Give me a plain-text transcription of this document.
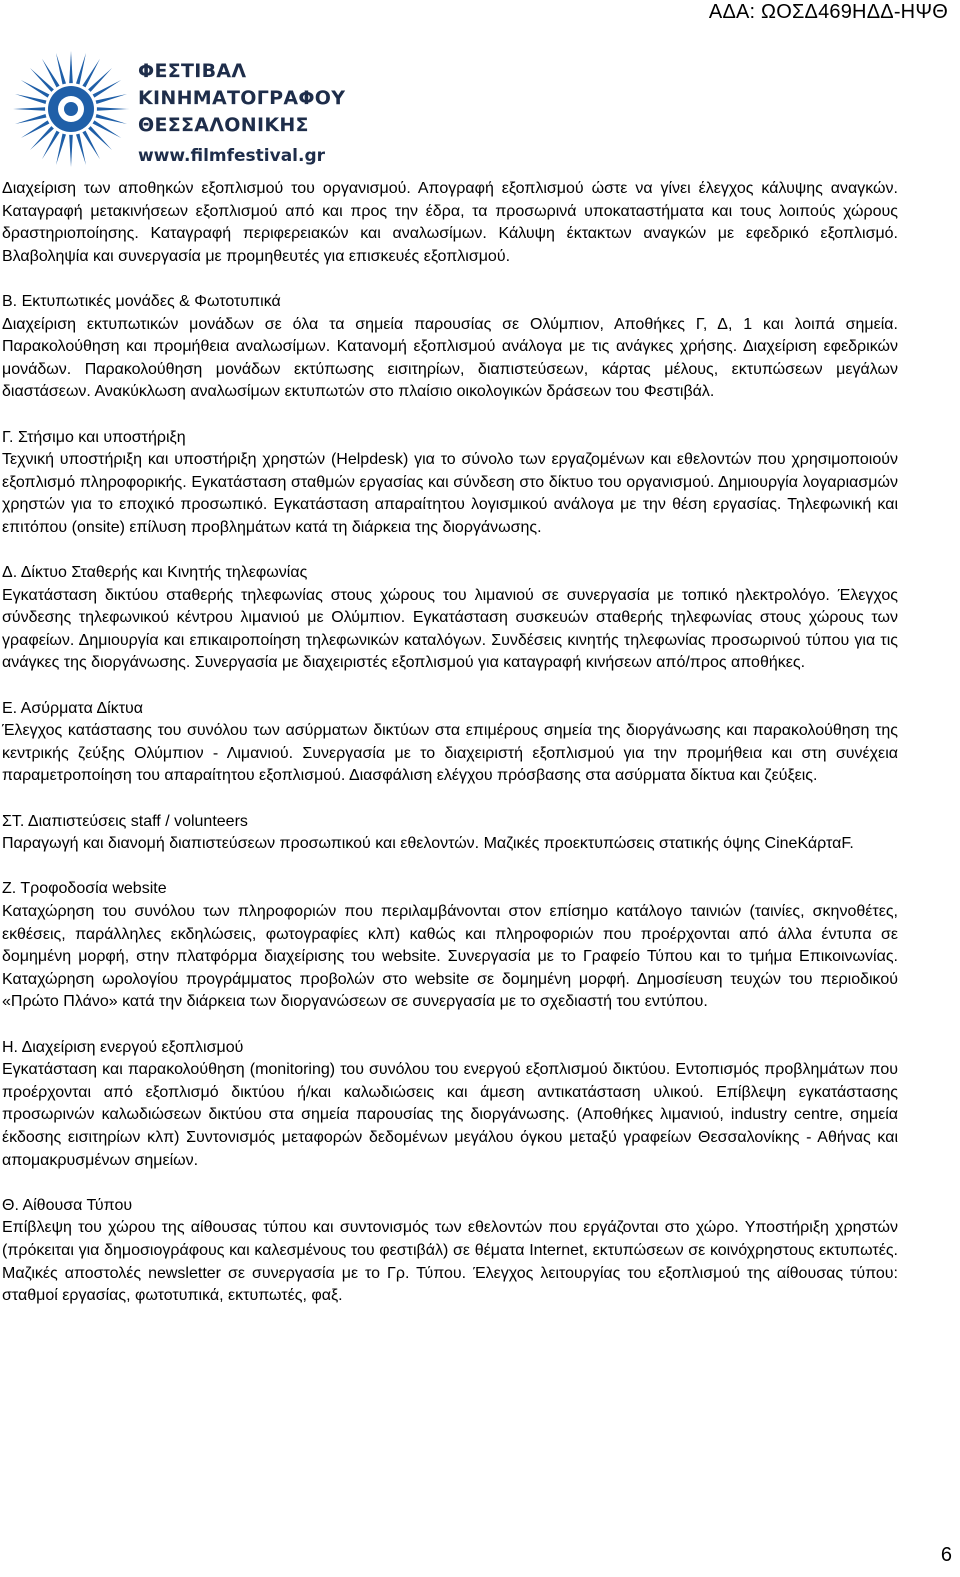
ΑΔΑ: ΩΟΣΔ469ΗΔΔ-ΗΨΘ
ΦΕΣΤΙΒΑΛ
ΚΙΝΗΜΑΤΟΓΡΑΦΟΥ
ΘΕΣΣΑΛΟΝΙΚΗΣ
www.filmfestival.gr

Διαχείριση των αποθηκών εξοπλισμού του οργανισμού. Απογραφή εξοπλισμού ώστε να γίνει έλεγχος κάλυψης αναγκών. Καταγραφή μετακινήσεων εξοπλισμού από και προς την έδρα, τα προσωρινά υποκαταστήματα και τους λοιπούς χώρους δραστηριοποίησης. Καταγραφή περιφερειακών και αναλωσίμων. Κάλυψη έκτακτων αναγκών με εφεδρικό εξοπλισμό. Βλαβοληψία και συνεργασία με προμηθευτές για επισκευές εξοπλισμού.

Β. Εκτυπωτικές μονάδες & Φωτοτυπικά

Διαχείριση εκτυπωτικών μονάδων σε όλα τα σημεία παρουσίας σε Ολύμπιον, Αποθήκες Γ, Δ, 1 και λοιπά σημεία. Παρακολούθηση και προμήθεια αναλωσίμων. Κατανομή εξοπλισμού ανάλογα με τις ανάγκες χρήσης. Διαχείριση εφεδρικών μονάδων. Παρακολούθηση μονάδων εκτύπωσης εισιτηρίων, διαπιστεύσεων, κάρτας μέλους, εκτυπώσεων μεγάλων διαστάσεων. Ανακύκλωση αναλωσίμων εκτυπωτών στο πλαίσιο οικολογικών δράσεων του Φεστιβάλ.

Γ. Στήσιμο και υποστήριξη

Τεχνική υποστήριξη και υποστήριξη χρηστών (Helpdesk) για το σύνολο των εργαζομένων και εθελοντών που χρησιμοποιούν εξοπλισμό πληροφορικής. Εγκατάσταση σταθμών εργασίας και σύνδεση στο δίκτυο του οργανισμού. Δημιουργία λογαριασμών χρηστών για το εποχικό προσωπικό. Εγκατάσταση απαραίτητου λογισμικού ανάλογα με την θέση εργασίας. Τηλεφωνική και επιτόπου (onsite) επίλυση προβλημάτων κατά τη διάρκεια της διοργάνωσης.

Δ. Δίκτυο Σταθερής και Κινητής τηλεφωνίας

Εγκατάσταση δικτύου σταθερής τηλεφωνίας στους χώρους του λιμανιού σε συνεργασία με τοπικό ηλεκτρολόγο. Έλεγχος σύνδεσης τηλεφωνικού κέντρου λιμανιού με Ολύμπιον. Εγκατάσταση συσκευών σταθερής τηλεφωνίας στους χώρους των γραφείων. Δημιουργία και επικαιροποίηση τηλεφωνικών καταλόγων. Συνδέσεις κινητής τηλεφωνίας προσωρινού τύπου για τις ανάγκες της διοργάνωσης. Συνεργασία με διαχειριστές εξοπλισμού για καταγραφή κινήσεων από/προς αποθήκες.

Ε. Ασύρματα Δίκτυα

Έλεγχος κατάστασης του συνόλου των ασύρματων δικτύων στα επιμέρους σημεία της διοργάνωσης και παρακολούθηση της κεντρικής ζεύξης Ολύμπιον - Λιμανιού. Συνεργασία με το διαχειριστή εξοπλισμού για την προμήθεια και στη συνέχεια παραμετροποίηση του απαραίτητου εξοπλισμού. Διασφάλιση ελέγχου πρόσβασης στα ασύρματα δίκτυα και ζεύξεις.

ΣΤ. Διαπιστεύσεις staff / volunteers

Παραγωγή και διανομή διαπιστεύσεων προσωπικού και εθελοντών. Μαζικές προεκτυπώσεις στατικής όψης CineΚάρταF.

Ζ. Τροφοδοσία website

Καταχώρηση του συνόλου των πληροφοριών που περιλαμβάνονται στον επίσημο κατάλογο ταινιών (ταινίες, σκηνοθέτες, εκθέσεις, παράλληλες εκδηλώσεις, φωτογραφίες κλπ) καθώς και πληροφοριών που προέρχονται από άλλα έντυπα σε δομημένη μορφή, στην πλατφόρμα διαχείρισης του website. Συνεργασία με το Γραφείο Τύπου και το τμήμα Επικοινωνίας. Καταχώρηση ωρολογίου προγράμματος προβολών στο website σε δομημένη μορφή. Δημοσίευση τευχών του περιοδικού «Πρώτο Πλάνο» κατά την διάρκεια των διοργανώσεων σε συνεργασία με το σχεδιαστή του εντύπου.

Η. Διαχείριση ενεργού εξοπλισμού

Εγκατάσταση και παρακολούθηση (monitoring) του συνόλου του ενεργού εξοπλισμού δικτύου. Εντοπισμός προβλημάτων που προέρχονται από εξοπλισμό δικτύου ή/και καλωδιώσεις και άμεση αντικατάσταση υλικού. Επίβλεψη εγκατάστασης προσωρινών καλωδιώσεων δικτύου στα σημεία παρουσίας της διοργάνωσης. (Αποθήκες λιμανιού, industry centre, σημεία έκδοσης εισιτηρίων κλπ) Συντονισμός μεταφορών δεδομένων μεγάλου όγκου μεταξύ γραφείων Θεσσαλονίκης - Αθήνας και απομακρυσμένων σημείων.

Θ. Αίθουσα Τύπου

Επίβλεψη του χώρου της αίθουσας τύπου και συντονισμός των εθελοντών που εργάζονται στο χώρο. Υποστήριξη χρηστών (πρόκειται για δημοσιογράφους και καλεσμένους του φεστιβάλ) σε θέματα Internet, εκτυπώσεων σε κοινόχρηστους εκτυπωτές. Μαζικές αποστολές newsletter σε συνεργασία με το Γρ. Τύπου. Έλεγχος λειτουργίας του εξοπλισμού της αίθουσας τύπου: σταθμοί εργασίας, φωτοτυπικά, εκτυπωτές, φαξ.

6
